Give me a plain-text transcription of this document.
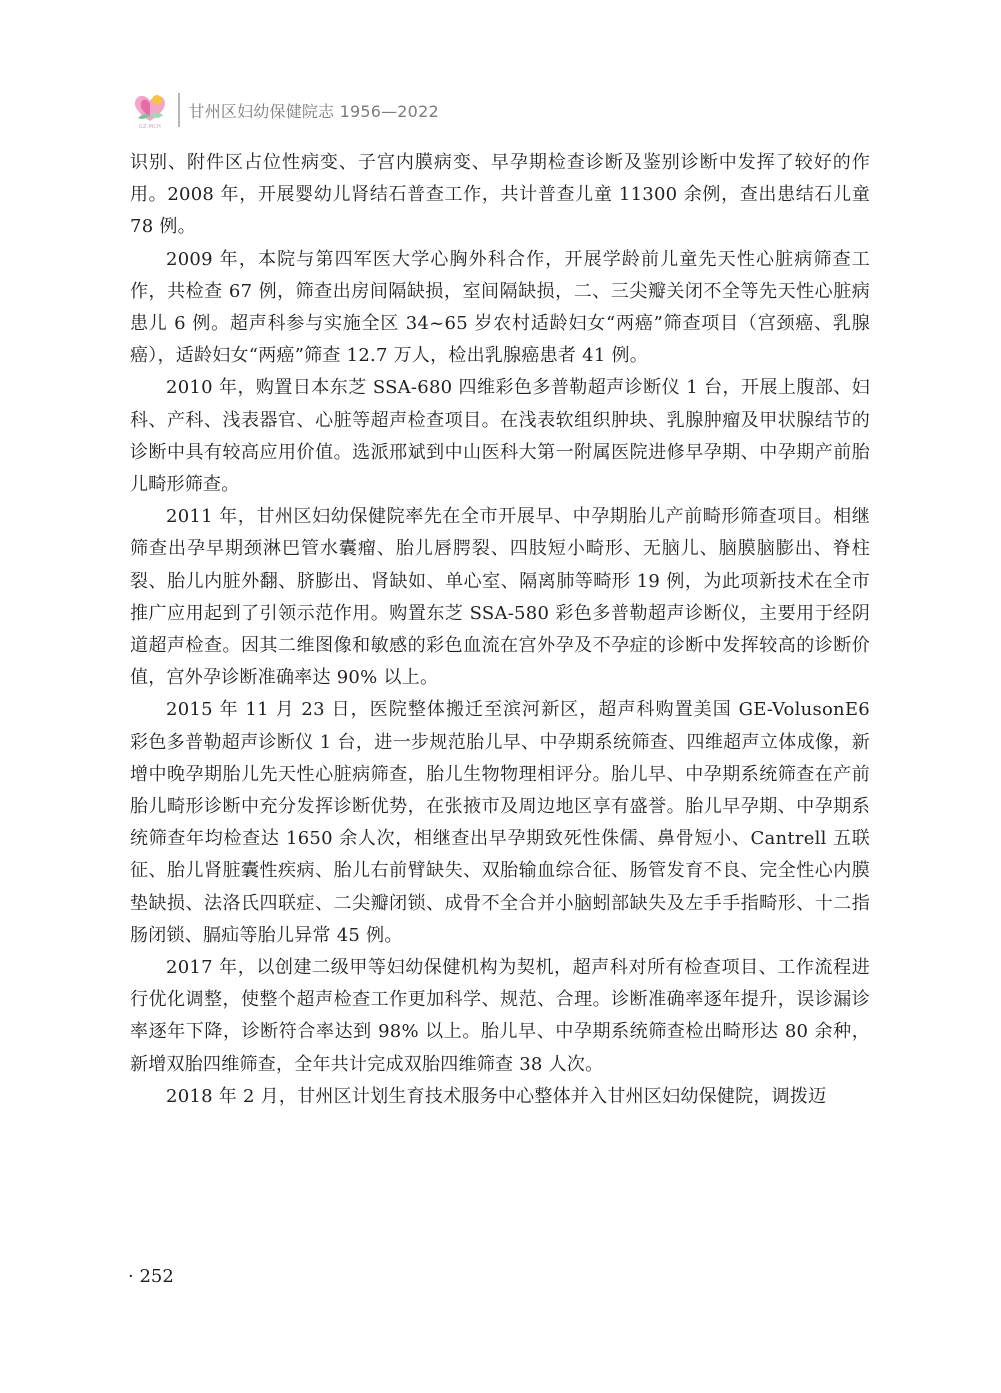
GZ·MCH
甘州区妇幼保健院志 1956—2022

识别、附件区占位性病变、子宫内膜病变、早孕期检查诊断及鉴别诊断中发挥了较好的作用。2008 年，开展婴幼儿肾结石普查工作，共计普查儿童 11300 余例，查出患结石儿童 78 例。

2009 年，本院与第四军医大学心胸外科合作，开展学龄前儿童先天性心脏病筛查工作，共检查 67 例，筛查出房间隔缺损，室间隔缺损，二、三尖瓣关闭不全等先天性心脏病患儿 6 例。超声科参与实施全区 34~65 岁农村适龄妇女“两癌”筛查项目（宫颈癌、乳腺癌），适龄妇女“两癌”筛查 12.7 万人，检出乳腺癌患者 41 例。

2010 年，购置日本东芝 SSA-680 四维彩色多普勒超声诊断仪 1 台，开展上腹部、妇科、产科、浅表器官、心脏等超声检查项目。在浅表软组织肿块、乳腺肿瘤及甲状腺结节的诊断中具有较高应用价值。选派邢斌到中山医科大第一附属医院进修早孕期、中孕期产前胎儿畸形筛查。

2011 年，甘州区妇幼保健院率先在全市开展早、中孕期胎儿产前畸形筛查项目。相继筛查出孕早期颈淋巴管水囊瘤、胎儿唇腭裂、四肢短小畸形、无脑儿、脑膜脑膨出、脊柱裂、胎儿内脏外翻、脐膨出、肾缺如、单心室、隔离肺等畸形 19 例，为此项新技术在全市推广应用起到了引领示范作用。购置东芝 SSA-580 彩色多普勒超声诊断仪，主要用于经阴道超声检查。因其二维图像和敏感的彩色血流在宫外孕及不孕症的诊断中发挥较高的诊断价值，宫外孕诊断准确率达 90% 以上。

2015 年 11 月 23 日，医院整体搬迁至滨河新区，超声科购置美国 GE-VolusonE6 彩色多普勒超声诊断仪 1 台，进一步规范胎儿早、中孕期系统筛查、四维超声立体成像，新增中晚孕期胎儿先天性心脏病筛查，胎儿生物物理相评分。胎儿早、中孕期系统筛查在产前胎儿畸形诊断中充分发挥诊断优势，在张掖市及周边地区享有盛誉。胎儿早孕期、中孕期系统筛查年均检查达 1650 余人次，相继查出早孕期致死性侏儒、鼻骨短小、Cantrell 五联征、胎儿肾脏囊性疾病、胎儿右前臂缺失、双胎输血综合征、肠管发育不良、完全性心内膜垫缺损、法洛氏四联症、二尖瓣闭锁、成骨不全合并小脑蚓部缺失及左手手指畸形、十二指肠闭锁、膈疝等胎儿异常 45 例。

2017 年，以创建二级甲等妇幼保健机构为契机，超声科对所有检查项目、工作流程进行优化调整，使整个超声检查工作更加科学、规范、合理。诊断准确率逐年提升，误诊漏诊率逐年下降，诊断符合率达到 98% 以上。胎儿早、中孕期系统筛查检出畸形达 80 余种，新增双胎四维筛查，全年共计完成双胎四维筛查 38 人次。

2018 年 2 月，甘州区计划生育技术服务中心整体并入甘州区妇幼保健院，调拨迈

· 252
